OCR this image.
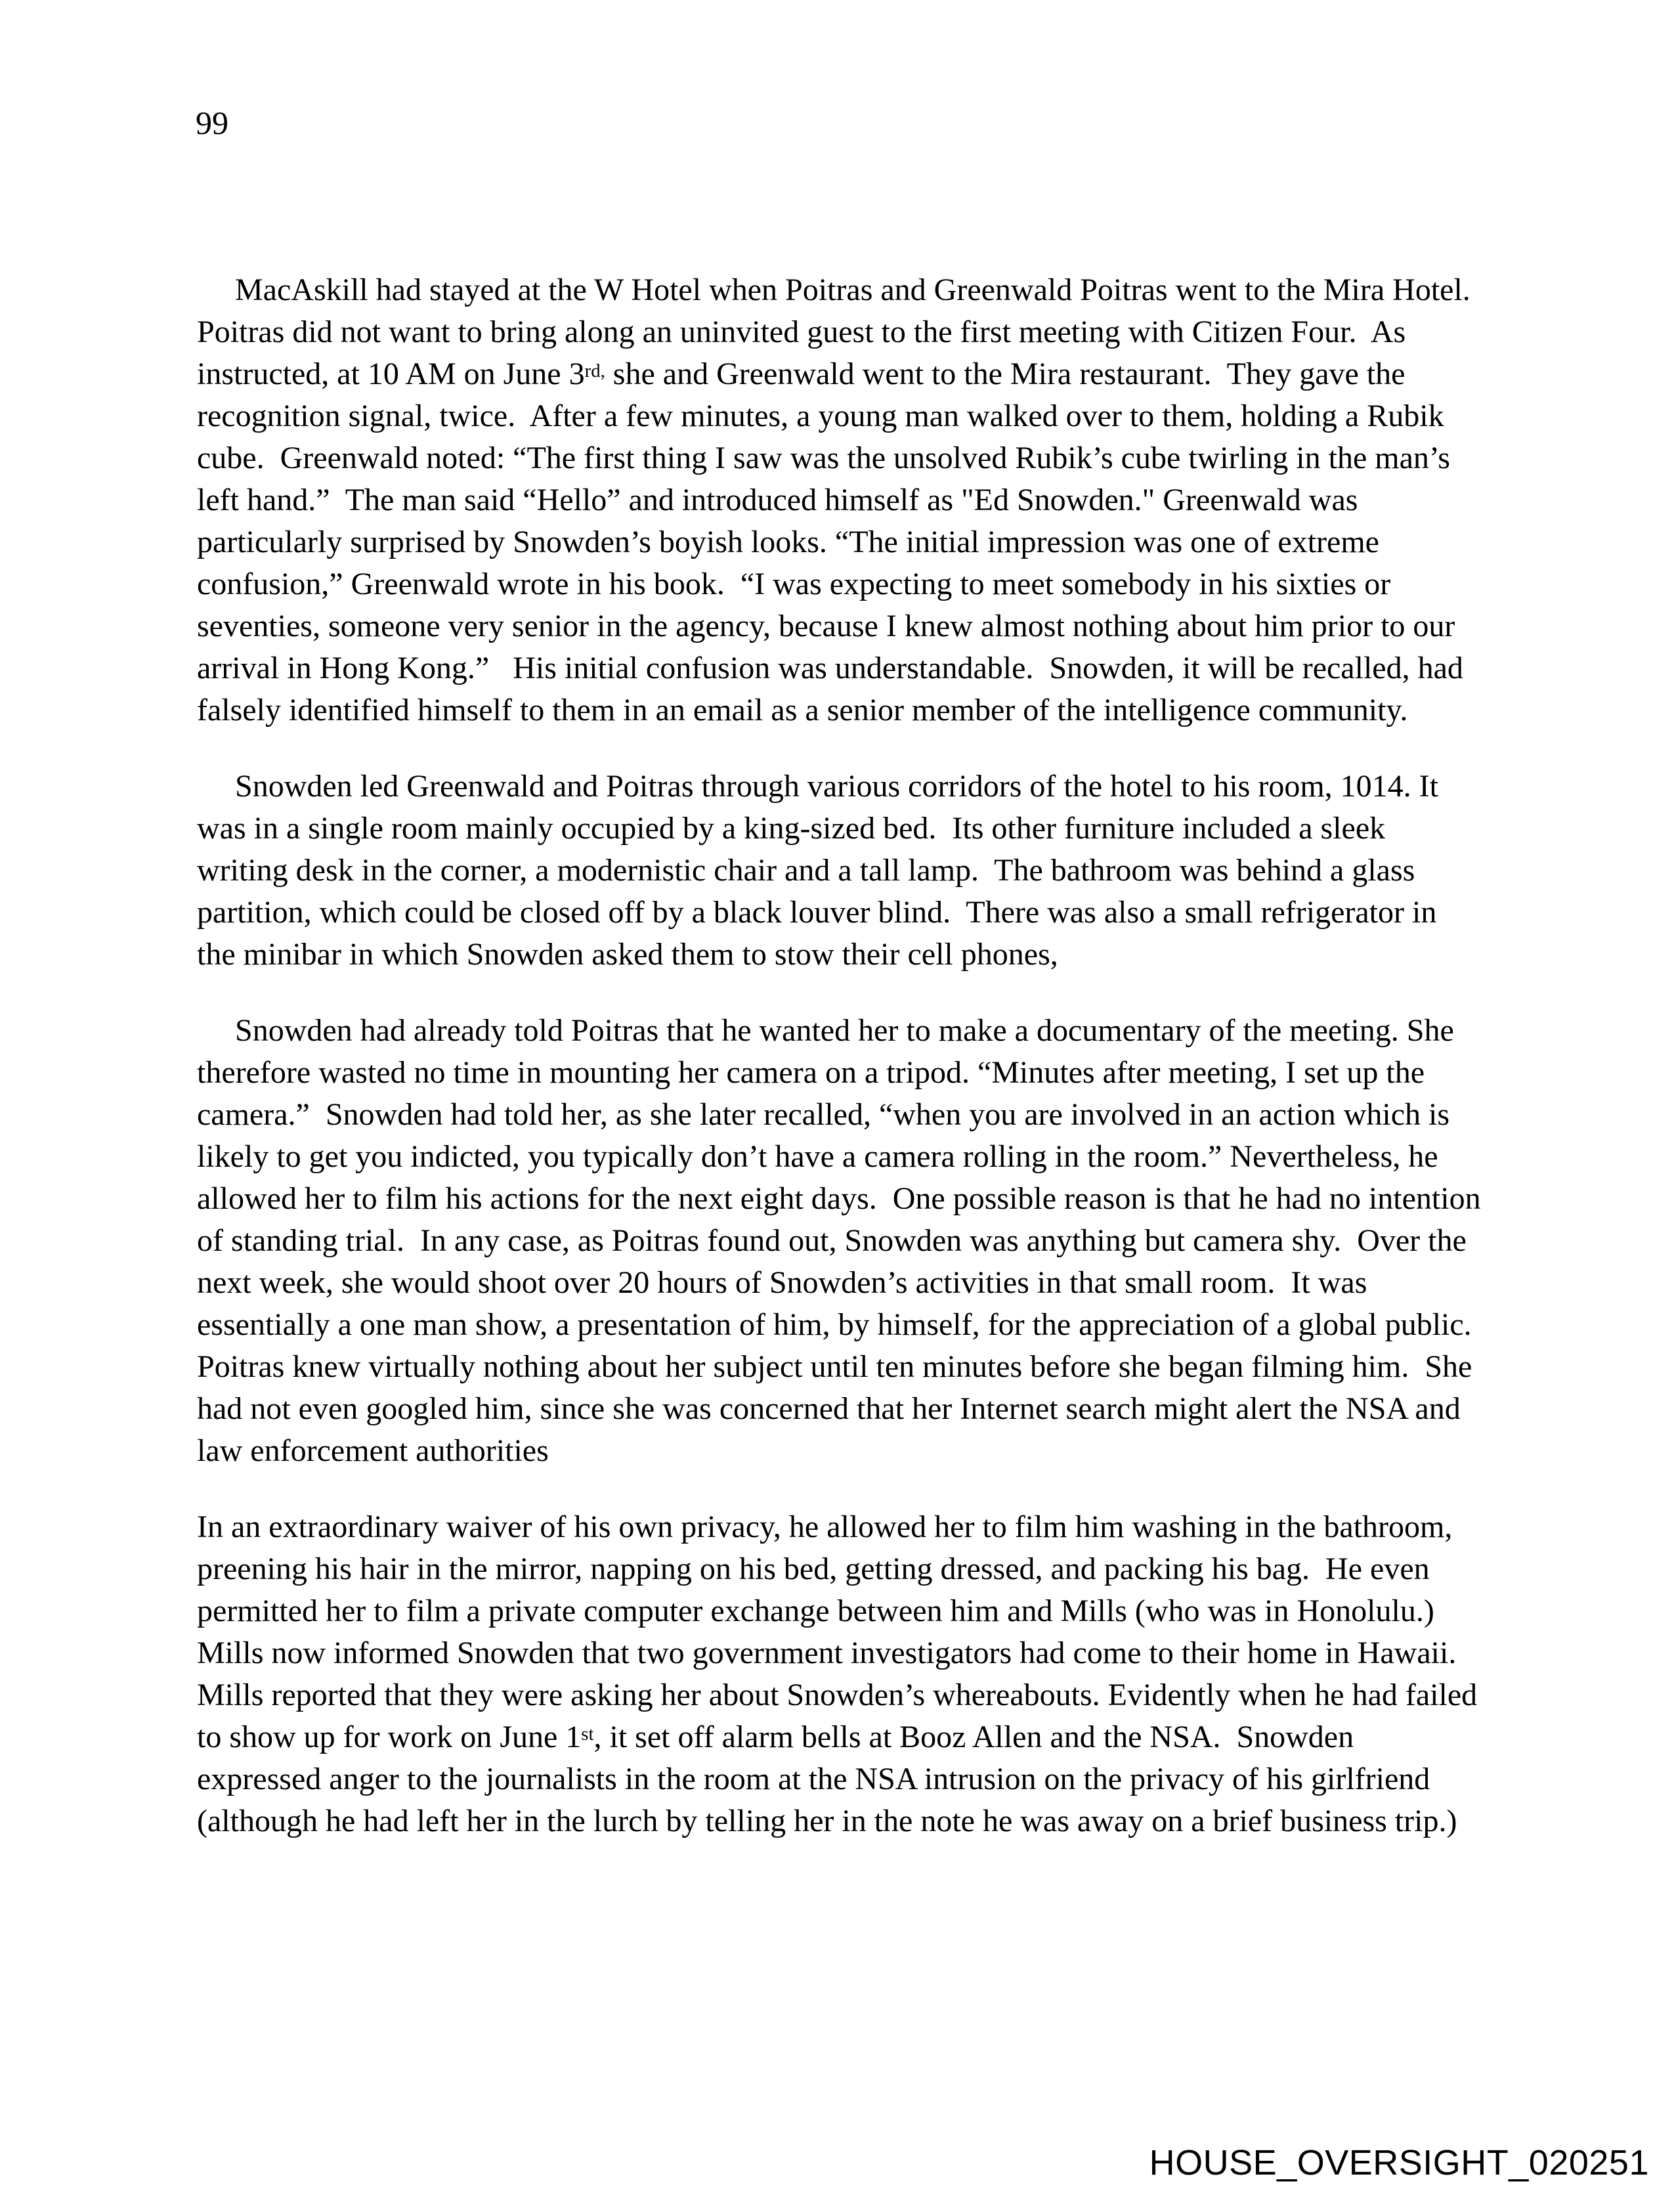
99

MacAskill had stayed at the W Hotel when Poitras and Greenwald Poitras went to the Mira Hotel.  Poitras did not want to bring along an uninvited guest to the first meeting with Citizen Four.  As instructed, at 10 AM on June $3^{rd,}$ she and Greenwald went to the Mira restaurant.  They gave the recognition signal, twice.  After a few minutes, a young man walked over to them, holding a Rubik cube.  Greenwald noted: “The first thing I saw was the unsolved Rubik’s cube twirling in the man’s left hand.”  The man said “Hello” and introduced himself as "Ed Snowden." Greenwald was particularly surprised by Snowden’s boyish looks. “The initial impression was one of extreme confusion,” Greenwald wrote in his book.  “I was expecting to meet somebody in his sixties or seventies, someone very senior in the agency, because I knew almost nothing about him prior to our arrival in Hong Kong.”   His initial confusion was understandable.  Snowden, it will be recalled, had falsely identified himself to them in an email as a senior member of the intelligence community.

Snowden led Greenwald and Poitras through various corridors of the hotel to his room, 1014. It was in a single room mainly occupied by a king-sized bed.  Its other furniture included a sleek writing desk in the corner, a modernistic chair and a tall lamp.  The bathroom was behind a glass partition, which could be closed off by a black louver blind.  There was also a small refrigerator in the minibar in which Snowden asked them to stow their cell phones,

Snowden had already told Poitras that he wanted her to make a documentary of the meeting. She therefore wasted no time in mounting her camera on a tripod. “Minutes after meeting, I set up the camera.”  Snowden had told her, as she later recalled, “when you are involved in an action which is likely to get you indicted, you typically don’t have a camera rolling in the room.” Nevertheless, he allowed her to film his actions for the next eight days.  One possible reason is that he had no intention of standing trial.  In any case, as Poitras found out, Snowden was anything but camera shy.  Over the next week, she would shoot over 20 hours of Snowden’s activities in that small room.  It was essentially a one man show, a presentation of him, by himself, for the appreciation of a global public. Poitras knew virtually nothing about her subject until ten minutes before she began filming him.  She had not even googled him, since she was concerned that her Internet search might alert the NSA and law enforcement authorities

In an extraordinary waiver of his own privacy, he allowed her to film him washing in the bathroom, preening his hair in the mirror, napping on his bed, getting dressed, and packing his bag.  He even permitted her to film a private computer exchange between him and Mills (who was in Honolulu.)  Mills now informed Snowden that two government investigators had come to their home in Hawaii. Mills reported that they were asking her about Snowden’s whereabouts. Evidently when he had failed to show up for work on June 1st, it set off alarm bells at Booz Allen and the NSA.  Snowden expressed anger to the journalists in the room at the NSA intrusion on the privacy of his girlfriend (although he had left her in the lurch by telling her in the note he was away on a brief business trip.)

HOUSE_OVERSIGHT_020251
